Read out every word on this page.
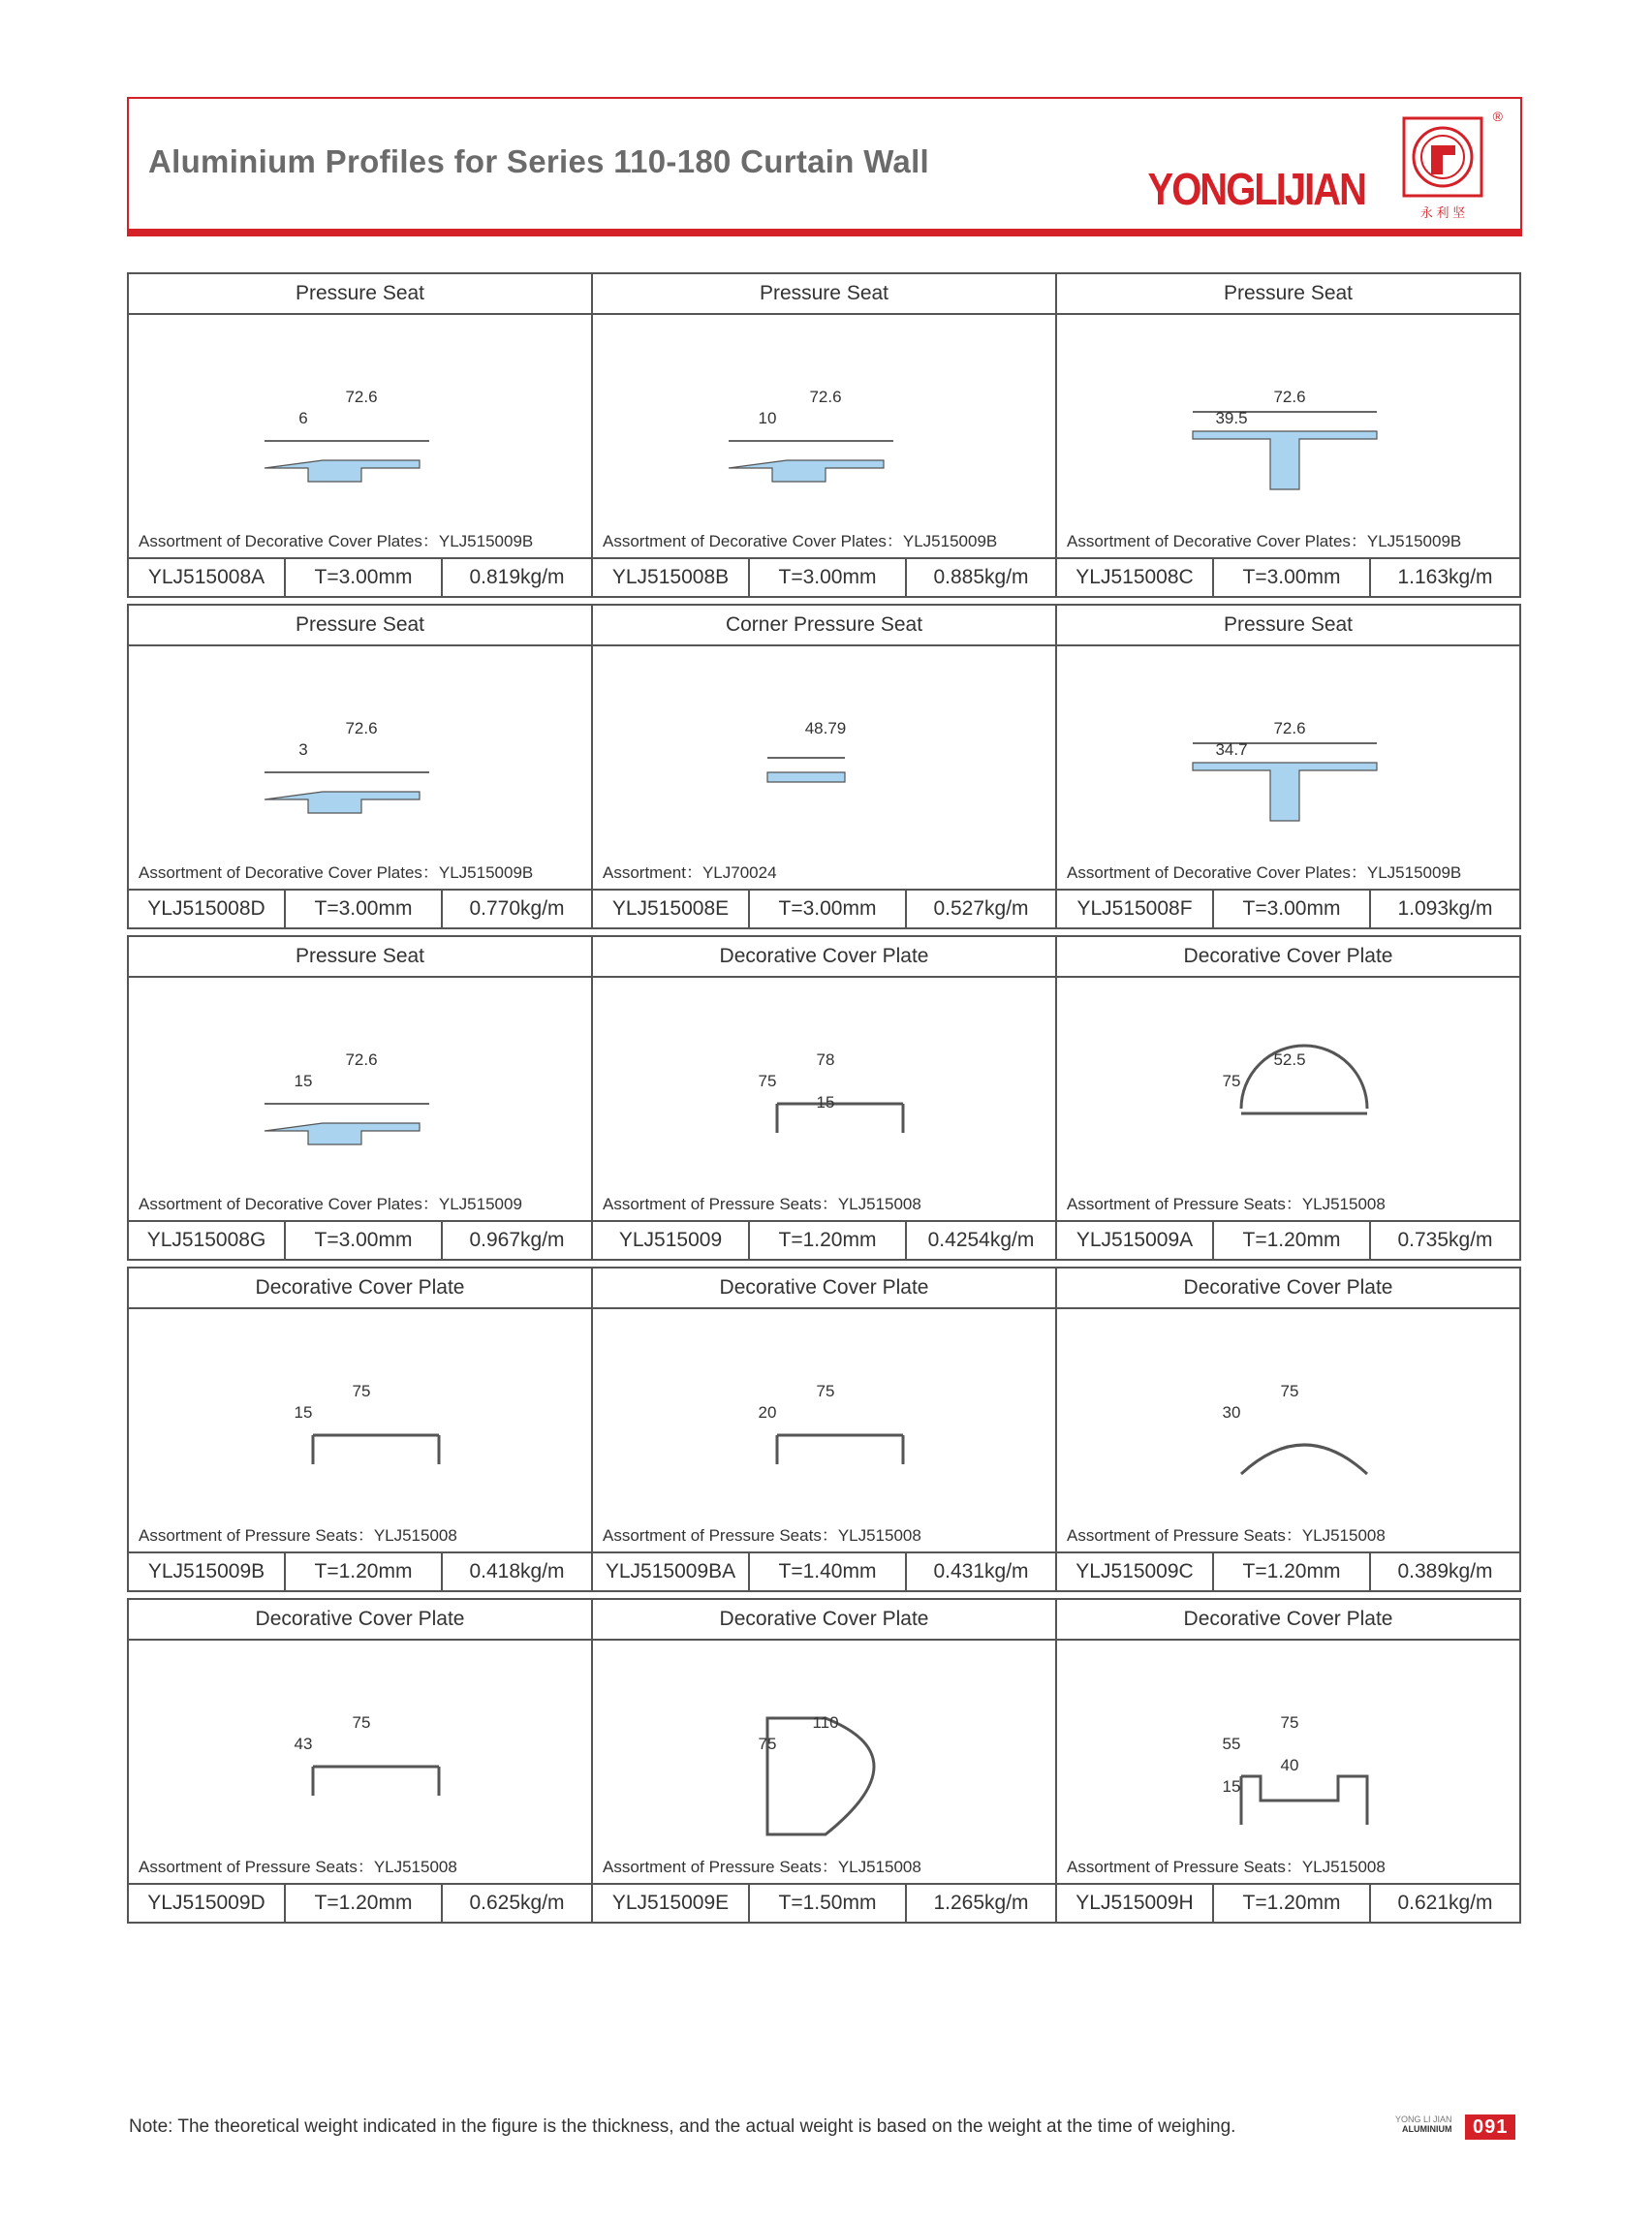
Aluminium Profiles for Series 110-180 Curtain Wall
YONGLIJIAN	永 利 坚
®
Pressure Seat
72.6
6
Assortment of Decorative Cover Plates：YLJ515009B
YLJ515008A	T=3.00mm	0.819kg/m
Pressure Seat
72.6
10
Assortment of Decorative Cover Plates：YLJ515009B
YLJ515008B	T=3.00mm	0.885kg/m
Pressure Seat
72.6
39.5
Assortment of Decorative Cover Plates：YLJ515009B
YLJ515008C	T=3.00mm	1.163kg/m
Pressure Seat
72.6
3
Assortment of Decorative Cover Plates：YLJ515009B
YLJ515008D	T=3.00mm	0.770kg/m
Corner Pressure Seat
48.79
Assortment：YLJ70024
YLJ515008E	T=3.00mm	0.527kg/m
Pressure Seat
72.6
34.7
Assortment of Decorative Cover Plates：YLJ515009B
YLJ515008F	T=3.00mm	1.093kg/m
Pressure Seat
72.6
15
Assortment of Decorative Cover Plates：YLJ515009
YLJ515008G	T=3.00mm	0.967kg/m
Decorative Cover Plate
78
75
15
Assortment of Pressure Seats：YLJ515008
YLJ515009	T=1.20mm	0.4254kg/m
Decorative Cover Plate
52.5
75
Assortment of Pressure Seats：YLJ515008
YLJ515009A	T=1.20mm	0.735kg/m
Decorative Cover Plate
75
15
Assortment of Pressure Seats：YLJ515008
YLJ515009B	T=1.20mm	0.418kg/m
Decorative Cover Plate
75
20
Assortment of Pressure Seats：YLJ515008
YLJ515009BA	T=1.40mm	0.431kg/m
Decorative Cover Plate
75
30
Assortment of Pressure Seats：YLJ515008
YLJ515009C	T=1.20mm	0.389kg/m
Decorative Cover Plate
75
43
Assortment of Pressure Seats：YLJ515008
YLJ515009D	T=1.20mm	0.625kg/m
Decorative Cover Plate
110
75
Assortment of Pressure Seats：YLJ515008
YLJ515009E	T=1.50mm	1.265kg/m
Decorative Cover Plate
75
55
40
15
Assortment of Pressure Seats：YLJ515008
YLJ515009H	T=1.20mm	0.621kg/m
Note: The theoretical weight indicated in the figure is the thickness, and the actual weight is based on the weight at the time of weighing.	YONG LI JIAN
ALUMINIUM	091
